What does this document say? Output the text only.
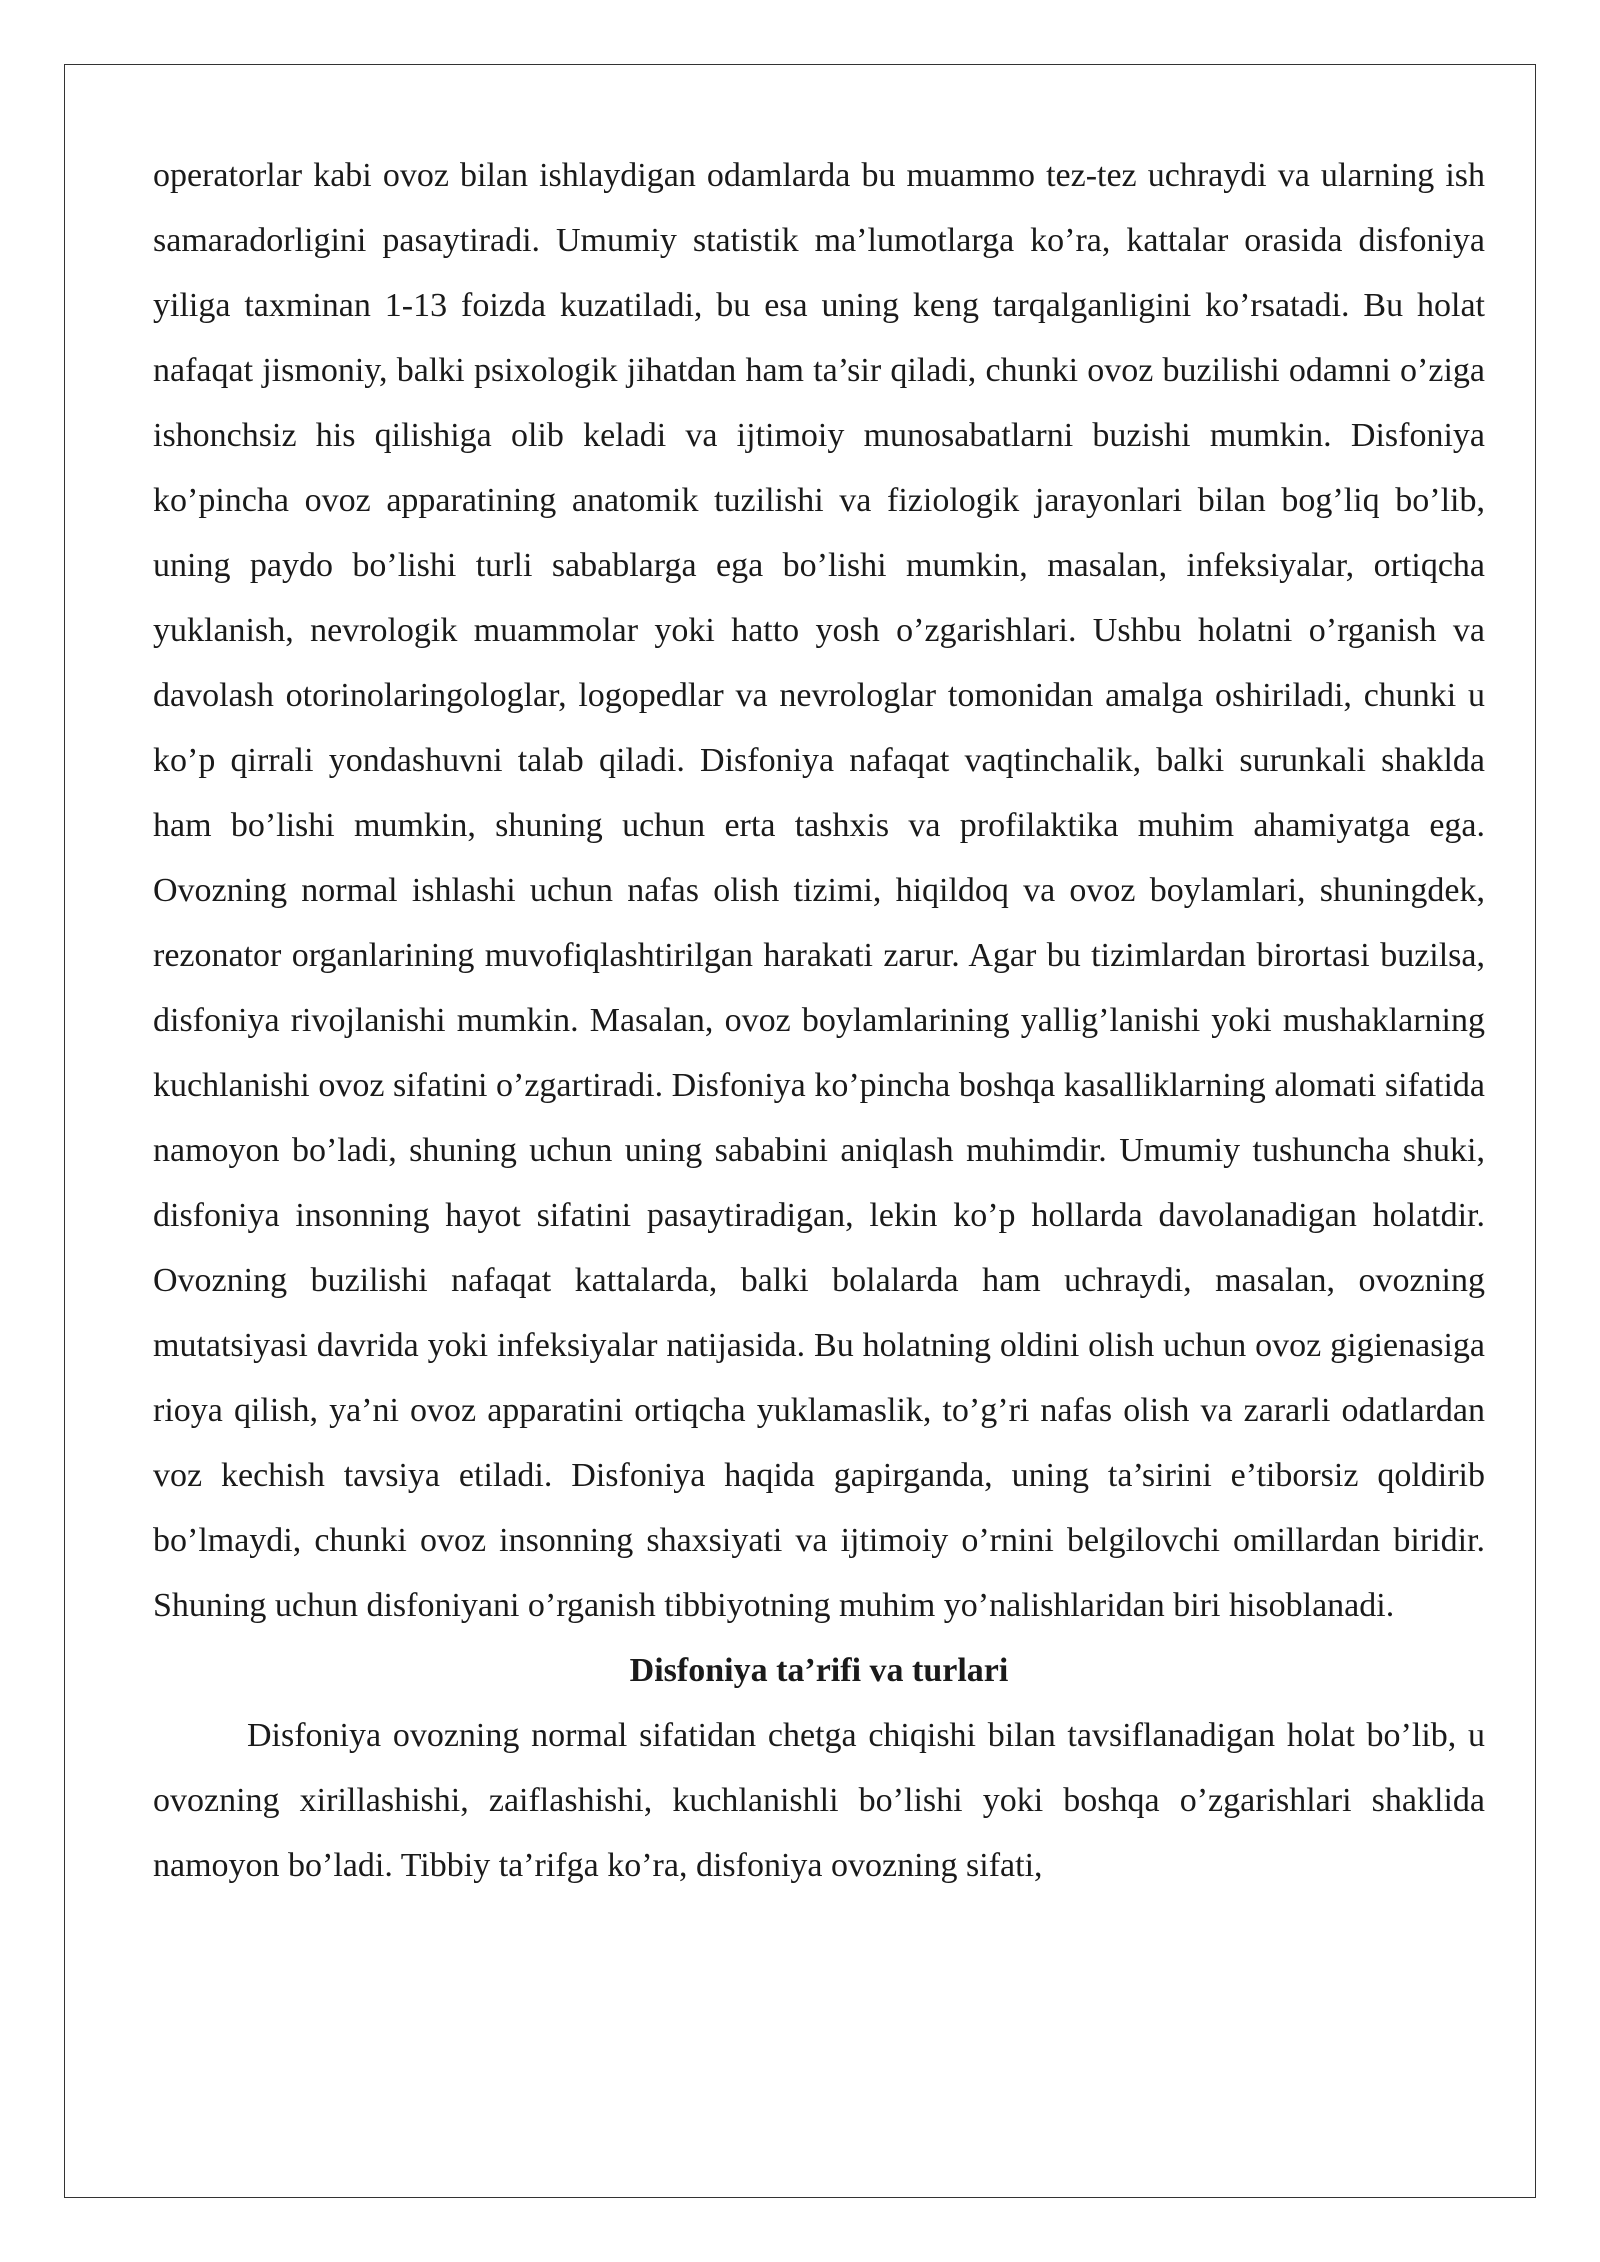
operatorlar kabi ovoz bilan ishlaydigan odamlarda bu muammo tez-tez uchraydi va ularning ish samaradorligini pasaytiradi. Umumiy statistik ma’lumotlarga ko’ra, kattalar orasida disfoniya yiliga taxminan 1-13 foizda kuzatiladi, bu esa uning keng tarqalganligini ko’rsatadi. Bu holat nafaqat jismoniy, balki psixologik jihatdan ham ta’sir qiladi, chunki ovoz buzilishi odamni o’ziga ishonchsiz his qilishiga olib keladi va ijtimoiy munosabatlarni buzishi mumkin. Disfoniya ko’pincha ovoz apparatining anatomik tuzilishi va fiziologik jarayonlari bilan bog’liq bo’lib, uning paydo bo’lishi turli sabablarga ega bo’lishi mumkin, masalan, infeksiyalar, ortiqcha yuklanish, nevrologik muammolar yoki hatto yosh o’zgarishlari. Ushbu holatni o’rganish va davolash otorinolaringologlar, logopedlar va nevrologlar tomonidan amalga oshiriladi, chunki u ko’p qirrali yondashuvni talab qiladi. Disfoniya nafaqat vaqtinchalik, balki surunkali shaklda ham bo’lishi mumkin, shuning uchun erta tashxis va profilaktika muhim ahamiyatga ega. Ovozning normal ishlashi uchun nafas olish tizimi, hiqildoq va ovoz boylamlari, shuningdek, rezonator organlarining muvofiqlashtirilgan harakati zarur. Agar bu tizimlardan birortasi buzilsa, disfoniya rivojlanishi mumkin. Masalan, ovoz boylamlarining yallig’lanishi yoki mushaklarning kuchlanishi ovoz sifatini o’zgartiradi. Disfoniya ko’pincha boshqa kasalliklarning alomati sifatida namoyon bo’ladi, shuning uchun uning sababini aniqlash muhimdir. Umumiy tushuncha shuki, disfoniya insonning hayot sifatini pasaytiradigan, lekin ko’p hollarda davolanadigan holatdir. Ovozning buzilishi nafaqat kattalarda, balki bolalarda ham uchraydi, masalan, ovozning mutatsiyasi davrida yoki infeksiyalar natijasida. Bu holatning oldini olish uchun ovoz gigienasiga rioya qilish, ya’ni ovoz apparatini ortiqcha yuklamaslik, to’g’ri nafas olish va zararli odatlardan voz kechish tavsiya etiladi. Disfoniya haqida gapirganda, uning ta’sirini e’tiborsiz qoldirib bo’lmaydi, chunki ovoz insonning shaxsiyati va ijtimoiy o’rnini belgilovchi omillardan biridir. Shuning uchun disfoniyani o’rganish tibbiyotning muhim yo’nalishlaridan biri hisoblanadi.

Disfoniya ta’rifi va turlari

Disfoniya ovozning normal sifatidan chetga chiqishi bilan tavsiflanadigan holat bo’lib, u ovozning xirillashishi, zaiflashishi, kuchlanishli bo’lishi yoki boshqa o’zgarishlari shaklida namoyon bo’ladi. Tibbiy ta’rifga ko’ra, disfoniya ovozning sifati,
